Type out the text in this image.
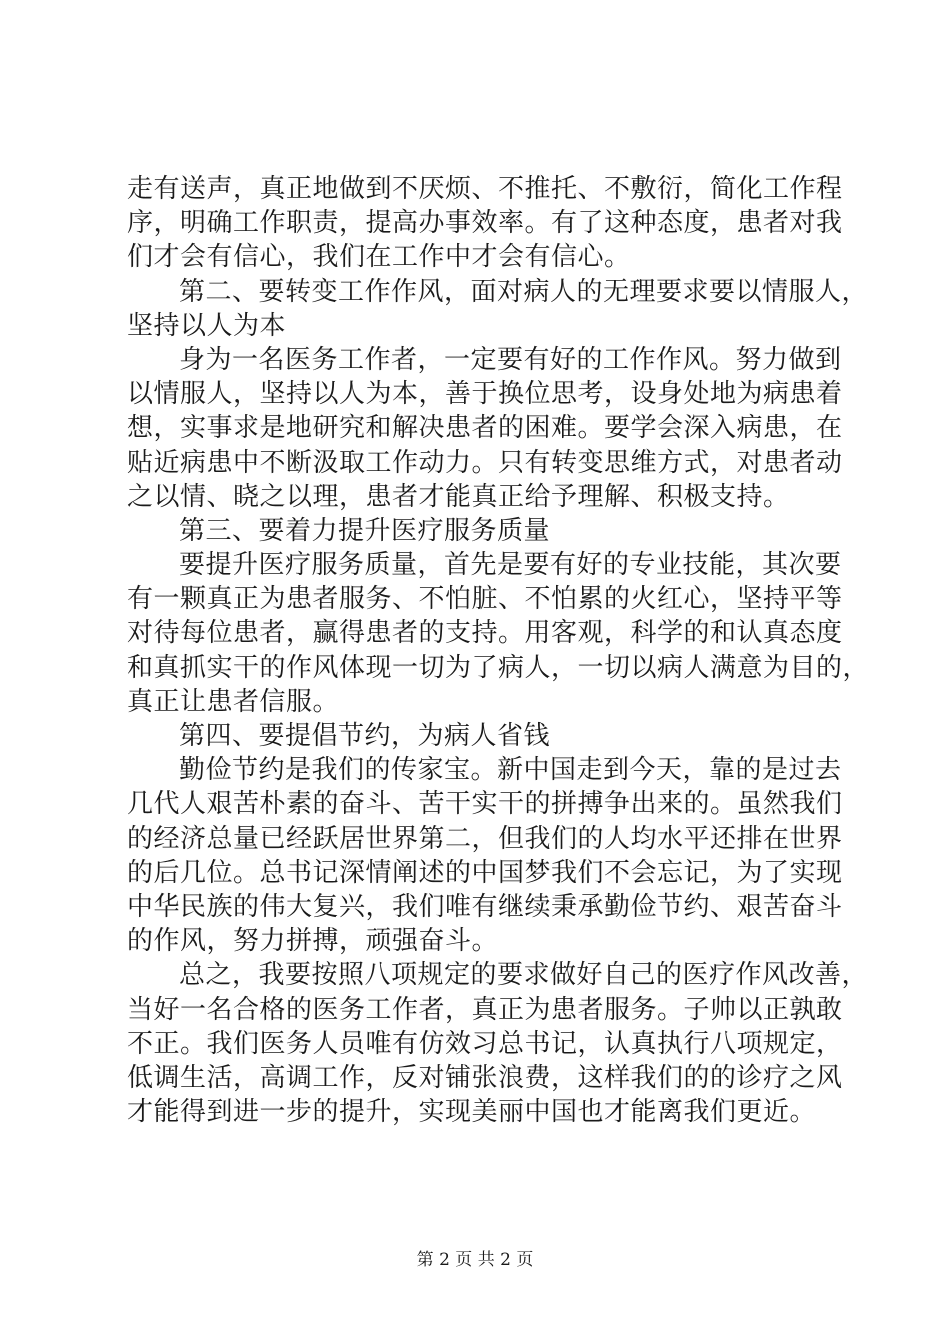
走有送声，真正地做到不厌烦、不推托、不敷衍，简化工作程
序，明确工作职责，提高办事效率。有了这种态度，患者对我
们才会有信心，我们在工作中才会有信心。
第二、要转变工作作风，面对病人的无理要求要以情服人，
坚持以人为本
身为一名医务工作者，一定要有好的工作作风。努力做到
以情服人，坚持以人为本，善于换位思考，设身处地为病患着
想，实事求是地研究和解决患者的困难。要学会深入病患，在
贴近病患中不断汲取工作动力。只有转变思维方式，对患者动
之以情、晓之以理，患者才能真正给予理解、积极支持。
第三、要着力提升医疗服务质量
要提升医疗服务质量，首先是要有好的专业技能，其次要
有一颗真正为患者服务、不怕脏、不怕累的火红心，坚持平等
对待每位患者，赢得患者的支持。用客观，科学的和认真态度
和真抓实干的作风体现一切为了病人，一切以病人满意为目的，
真正让患者信服。
第四、要提倡节约，为病人省钱
勤俭节约是我们的传家宝。新中国走到今天，靠的是过去
几代人艰苦朴素的奋斗、苦干实干的拼搏争出来的。虽然我们
的经济总量已经跃居世界第二，但我们的人均水平还排在世界
的后几位。总书记深情阐述的中国梦我们不会忘记，为了实现
中华民族的伟大复兴，我们唯有继续秉承勤俭节约、艰苦奋斗
的作风，努力拼搏，顽强奋斗。
总之，我要按照八项规定的要求做好自己的医疗作风改善，
当好一名合格的医务工作者，真正为患者服务。子帅以正孰敢
不正。我们医务人员唯有仿效习总书记，认真执行八项规定，
低调生活，高调工作，反对铺张浪费，这样我们的的诊疗之风
才能得到进一步的提升，实现美丽中国也才能离我们更近。
第 2 页 共 2 页
